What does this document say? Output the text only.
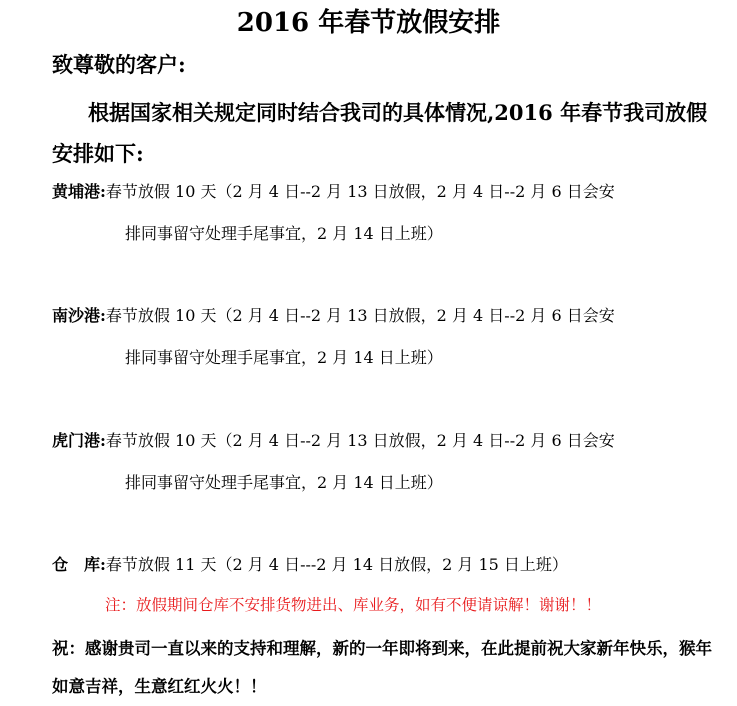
2016 年春节放假安排
致尊敬的客户:
根据国家相关规定同时结合我司的具体情况,2016 年春节我司放假安排如下:
黄埔港:春节放假 10 天（2 月 4 日--2 月 13 日放假，2 月 4 日--2 月 6 日会安
排同事留守处理手尾事宜，2 月 14 日上班）
南沙港:春节放假 10 天（2 月 4 日--2 月 13 日放假，2 月 4 日--2 月 6 日会安
排同事留守处理手尾事宜，2 月 14 日上班）
虎门港:春节放假 10 天（2 月 4 日--2 月 13 日放假，2 月 4 日--2 月 6 日会安
排同事留守处理手尾事宜，2 月 14 日上班）
仓　库:春节放假 11 天（2 月 4 日---2 月 14 日放假，2 月 15 日上班）
注：放假期间仓库不安排货物进出、库业务，如有不便请谅解！谢谢！！
祝：感谢贵司一直以来的支持和理解，新的一年即将到来，在此提前祝大家新年快乐，猴年如意吉祥，生意红红火火！！
